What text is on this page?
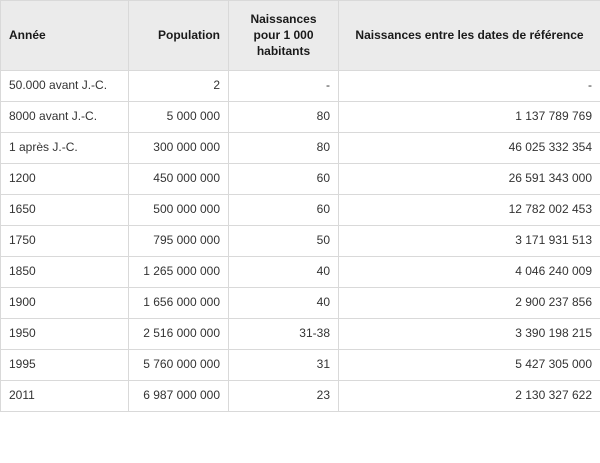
Année	Population	Naissances pour 1 000 habitants	Naissances entre les dates de référence
50.000 avant J.-C.	2	-	-
8000 avant J.-C.	5 000 000	80	1 137 789 769
1 après J.-C.	300 000 000	80	46 025 332 354
1200	450 000 000	60	26 591 343 000
1650	500 000 000	60	12 782 002 453
1750	795 000 000	50	3 171 931 513
1850	1 265 000 000	40	4 046 240 009
1900	1 656 000 000	40	2 900 237 856
1950	2 516 000 000	31-38	3 390 198 215
1995	5 760 000 000	31	5 427 305 000
2011	6 987 000 000	23	2 130 327 622
